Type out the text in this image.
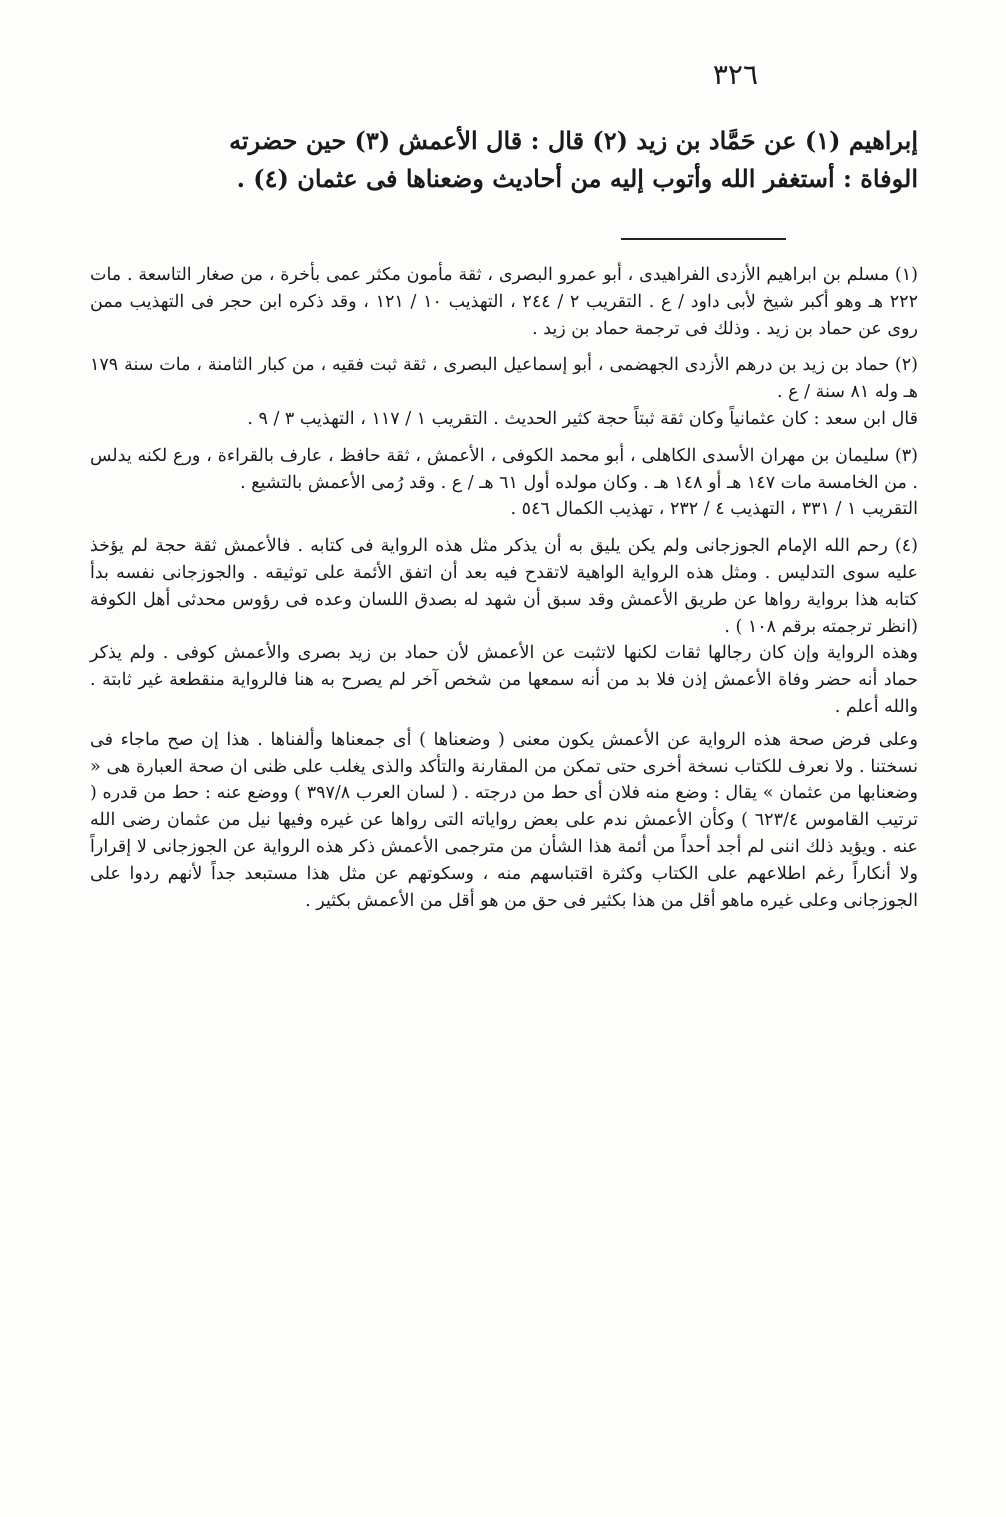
٣٢٦

إبراهيم (١) عن حَمَّاد بن زيد (٢) قال : قال الأعمش (٣) حين حضرته

الوفاة : أستغفر الله وأتوب إليه من أحاديث وضعناها فى عثمان (٤) .

(١) مسلم بن ابراهيم الأزدى الفراهيدى ، أبو عمرو البصرى ، ثقة مأمون مكثر عمى بأخرة ، من صغار التاسعة . مات ٢٢٢ هـ وهو أكبر شيخ لأبى داود / ع . التقريب ٢ / ٢٤٤ ، التهذيب ١٠ / ١٢١ ، وقد ذكره ابن حجر فى التهذيب ممن روى عن حماد بن زيد . وذلك فى ترجمة حماد بن زيد .

(٢) حماد بن زيد بن درهم الأزدى الجهضمى ، أبو إسماعيل البصرى ، ثقة ثبت فقيه ، من كبار الثامنة ، مات سنة ١٧٩ هـ وله ٨١ سنة / ع .

قال ابن سعد : كان عثمانياً وكان ثقة ثبتاً حجة كثير الحديث . التقريب ١ / ١١٧ ، التهذيب ٣ / ٩ .

(٣) سليمان بن مهران الأسدى الكاهلى ، أبو محمد الكوفى ، الأعمش ، ثقة حافظ ، عارف بالقراءة ، ورع لكنه يدلس . من الخامسة مات ١٤٧ هـ أو ١٤٨ هـ . وكان مولده أول ٦١ هـ / ع . وقد رُمى الأعمش بالتشيع .

التقريب ١ / ٣٣١ ، التهذيب ٤ / ٢٣٢ ، تهذيب الكمال ٥٤٦ .

(٤) رحم الله الإمام الجوزجانى ولم يكن يليق به أن يذكر مثل هذه الرواية فى كتابه . فالأعمش ثقة حجة لم يؤخذ عليه سوى التدليس . ومثل هذه الرواية الواهية لاتقدح فيه بعد أن اتفق الأئمة على توثيقه . والجوزجانى نفسه بدأ كتابه هذا برواية رواها عن طريق الأعمش وقد سبق أن شهد له بصدق اللسان وعده فى رؤوس محدثى أهل الكوفة (انظر ترجمته برقم ١٠٨ ) .

وهذه الرواية وإن كان رجالها ثقات لكنها لاتثبت عن الأعمش لأن حماد بن زيد بصرى والأعمش كوفى . ولم يذكر حماد أنه حضر وفاة الأعمش إذن فلا بد من أنه سمعها من شخص آخر لم يصرح به هنا فالرواية منقطعة غير ثابتة . والله أعلم .

وعلى فرض صحة هذه الرواية عن الأعمش يكون معنى ( وضعناها ) أى جمعناها وألفناها . هذا إن صح ماجاء فى نسختنا . ولا نعرف للكتاب نسخة أخرى حتى تمكن من المقارنة والتأكد والذى يغلب على ظنى ان صحة العبارة هى « وضعنابها من عثمان » يقال : وضع منه فلان أى حط من درجته . ( لسان العرب ٣٩٧/٨ ) ووضع عنه : حط من قدره ( ترتيب القاموس ٦٢٣/٤ ) وكأن الأعمش ندم على بعض رواياته التى رواها عن غيره وفيها نيل من عثمان رضى الله عنه . ويؤيد ذلك اننى لم أجد أحداً من أئمة هذا الشأن من مترجمى الأعمش ذكر هذه الرواية عن الجوزجانى لا إقراراً ولا أنكاراً رغم اطلاعهم على الكتاب وكثرة اقتباسهم منه ، وسكوتهم عن مثل هذا مستبعد جداً لأنهم ردوا على الجوزجانى وعلى غيره ماهو أقل من هذا بكثير فى حق من هو أقل من الأعمش بكثير .
